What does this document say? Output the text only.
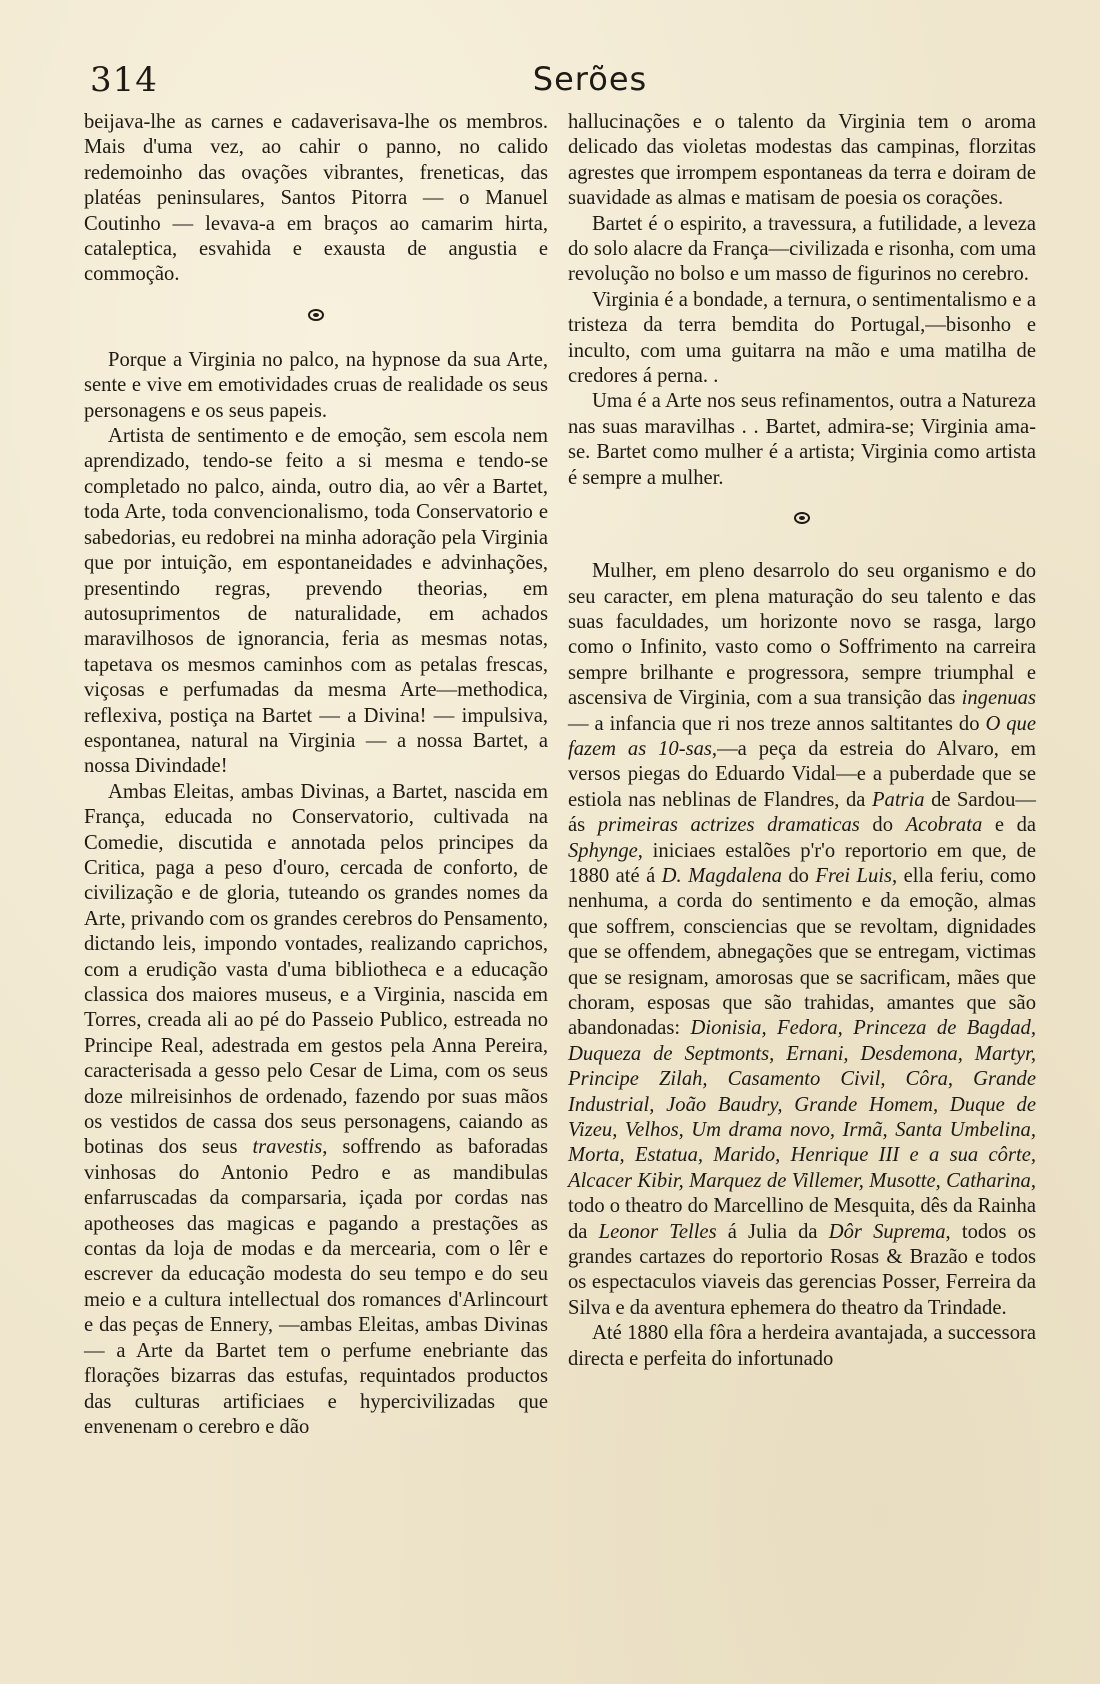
314	Serões

beijava-lhe as carnes e cadaverisava-lhe os membros. Mais d'uma vez, ao cahir o panno, no calido redemoinho das ovações vibrantes, freneticas, das platéas peninsulares, Santos Pitorra — o Manuel Coutinho — levava-a em braços ao camarim hirta, cataleptica, esvahida e exausta de angustia e commoção.

Porque a Virginia no palco, na hypnose da sua Arte, sente e vive em emotividades cruas de realidade os seus personagens e os seus papeis.

Artista de sentimento e de emoção, sem escola nem aprendizado, tendo-se feito a si mesma e tendo-se completado no palco, ainda, outro dia, ao vêr a Bartet, toda Arte, toda convencionalismo, toda Conservatorio e sabedorias, eu redobrei na minha adoração pela Virginia que por intuição, em espontaneidades e advinhações, presentindo regras, prevendo theorias, em autosuprimentos de naturalidade, em achados maravilhosos de ignorancia, feria as mesmas notas, tapetava os mesmos caminhos com as petalas frescas, viçosas e perfumadas da mesma Arte—methodica, reflexiva, postiça na Bartet — a Divina! — impulsiva, espontanea, natural na Virginia — a nossa Bartet, a nossa Divindade!

Ambas Eleitas, ambas Divinas, a Bartet, nascida em França, educada no Conservatorio, cultivada na Comedie, discutida e annotada pelos principes da Critica, paga a peso d'ouro, cercada de conforto, de civilização e de gloria, tuteando os grandes nomes da Arte, privando com os grandes cerebros do Pensamento, dictando leis, impondo vontades, realizando caprichos, com a erudição vasta d'uma bibliotheca e a educação classica dos maiores museus, e a Virginia, nascida em Torres, creada ali ao pé do Passeio Publico, estreada no Principe Real, adestrada em gestos pela Anna Pereira, caracterisada a gesso pelo Cesar de Lima, com os seus doze milreisinhos de ordenado, fazendo por suas mãos os vestidos de cassa dos seus personagens, caiando as botinas dos seus travestis, soffrendo as baforadas vinhosas do Antonio Pedro e as mandibulas enfarruscadas da comparsaria, içada por cordas nas apotheoses das magicas e pagando a prestações as contas da loja de modas e da mercearia, com o lêr e escrever da educação modesta do seu tempo e do seu meio e a cultura intellectual dos romances d'Arlincourt e das peças de Ennery, —ambas Eleitas, ambas Divinas — a Arte da Bartet tem o perfume enebriante das florações bizarras das estufas, requintados productos das culturas artificiaes e hypercivilizadas que envenenam o cerebro e dão

hallucinações e o talento da Virginia tem o aroma delicado das violetas modestas das campinas, florzitas agrestes que irrompem espontaneas da terra e doiram de suavidade as almas e matisam de poesia os corações.

Bartet é o espirito, a travessura, a futilidade, a leveza do solo alacre da França—civilizada e risonha, com uma revolução no bolso e um masso de figurinos no cerebro.

Virginia é a bondade, a ternura, o sentimentalismo e a tristeza da terra bemdita do Portugal,—bisonho e inculto, com uma guitarra na mão e uma matilha de credores á perna. .

Uma é a Arte nos seus refinamentos, outra a Natureza nas suas maravilhas . . Bartet, admira-se; Virginia ama-se. Bartet como mulher é a artista; Virginia como artista é sempre a mulher.

Mulher, em pleno desarrolo do seu organismo e do seu caracter, em plena maturação do seu talento e das suas faculdades, um horizonte novo se rasga, largo como o Infinito, vasto como o Soffrimento na carreira sempre brilhante e progressora, sempre triumphal e ascensiva de Virginia, com a sua transição das ingenuas — a infancia que ri nos treze annos saltitantes do O que fazem as 10-sas,—a peça da estreia do Alvaro, em versos piegas do Eduardo Vidal—e a puberdade que se estiola nas neblinas de Flandres, da Patria de Sardou—ás primeiras actrizes dramaticas do Acobrata e da Sphynge, iniciaes estalões p'r'o reportorio em que, de 1880 até á D. Magdalena do Frei Luis, ella feriu, como nenhuma, a corda do sentimento e da emoção, almas que soffrem, consciencias que se revoltam, dignidades que se offendem, abnegações que se entregam, victimas que se resignam, amorosas que se sacrificam, mães que choram, esposas que são trahidas, amantes que são abandonadas: Dionisia, Fedora, Princeza de Bagdad, Duqueza de Septmonts, Ernani, Desdemona, Martyr, Principe Zilah, Casamento Civil, Côra, Grande Industrial, João Baudry, Grande Homem, Duque de Vizeu, Velhos, Um drama novo, Irmã, Santa Umbelina, Morta, Estatua, Marido, Henrique III e a sua côrte, Alcacer Kibir, Marquez de Villemer, Musotte, Catharina, todo o theatro do Marcellino de Mesquita, dês da Rainha da Leonor Telles á Julia da Dôr Suprema, todos os grandes cartazes do reportorio Rosas & Brazão e todos os espectaculos viaveis das gerencias Posser, Ferreira da Silva e da aventura ephemera do theatro da Trindade.

Até 1880 ella fôra a herdeira avantajada, a successora directa e perfeita do infortunado
